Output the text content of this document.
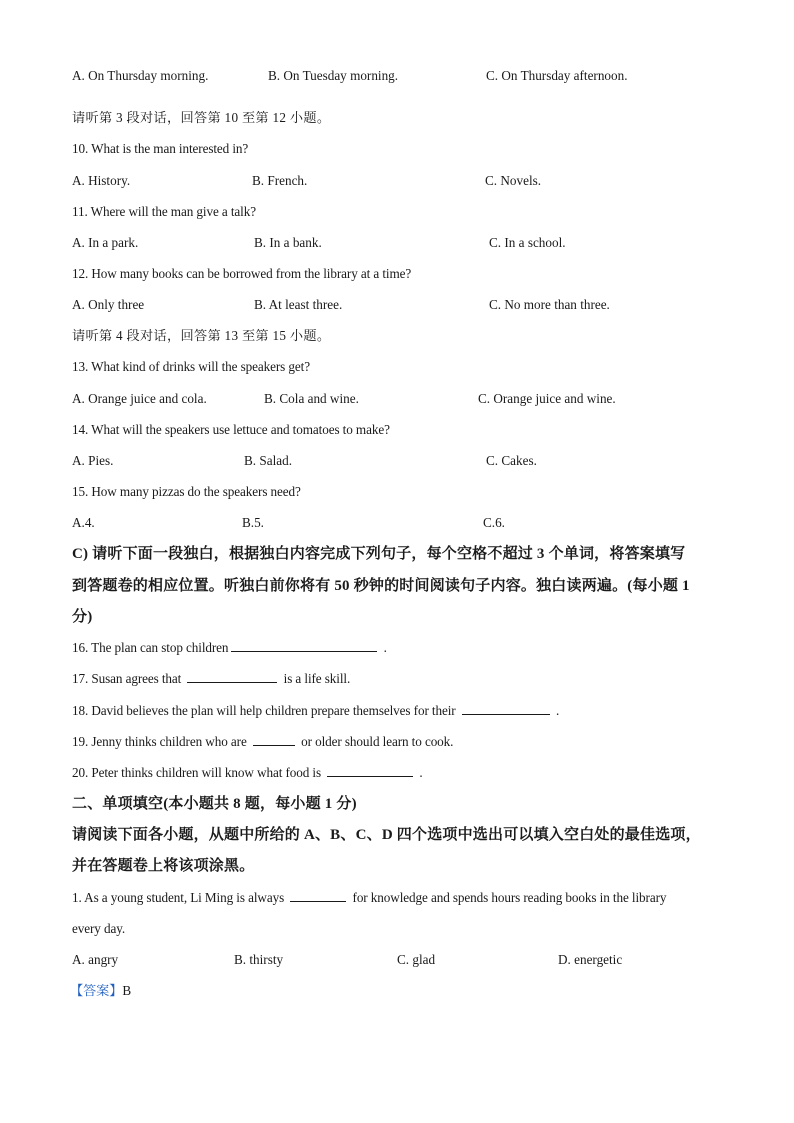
A. On Thursday morning.	B. On Tuesday morning.	C. On Thursday afternoon.
请听第 3 段对话，回答第 10 至第 12 小题。
10. What is the man interested in?
A. History.	B. French.	C. Novels.
11. Where will the man give a talk?
A. In a park.	B. In a bank.	C. In a school.
12. How many books can be borrowed from the library at a time?
A. Only three	B. At least three.	C. No more than three.
请听第 4 段对话，回答第 13 至第 15 小题。
13. What kind of drinks will the speakers get?
A. Orange juice and cola.	B. Cola and wine.	C. Orange juice and wine.
14. What will the speakers use lettuce and tomatoes to make?
A. Pies.	B. Salad.	C. Cakes.
15. How many pizzas do the speakers need?
A.4.	B.5.	C.6.
C) 请听下面一段独白，根据独白内容完成下列句子，每个空格不超过 3 个单词，将答案填写
到答题卷的相应位置。听独白前你将有 50 秒钟的时间阅读句子内容。独白读两遍。(每小题 1
分)
16. The plan can stop children	.
17. Susan agrees that	is a life skill.
18. David believes the plan will help children prepare themselves for their	.
19. Jenny thinks children who are	or older should learn to cook.
20. Peter thinks children will know what food is	.
二、单项填空(本小题共 8 题，每小题 1 分)
请阅读下面各小题，从题中所给的 A、B、C、D 四个选项中选出可以填入空白处的最佳选项，
并在答题卷上将该项涂黑。
1. As a young student, Li Ming is always	for knowledge and spends hours reading books in the library
every day.
A. angry	B. thirsty	C. glad	D. energetic
【答案】B
